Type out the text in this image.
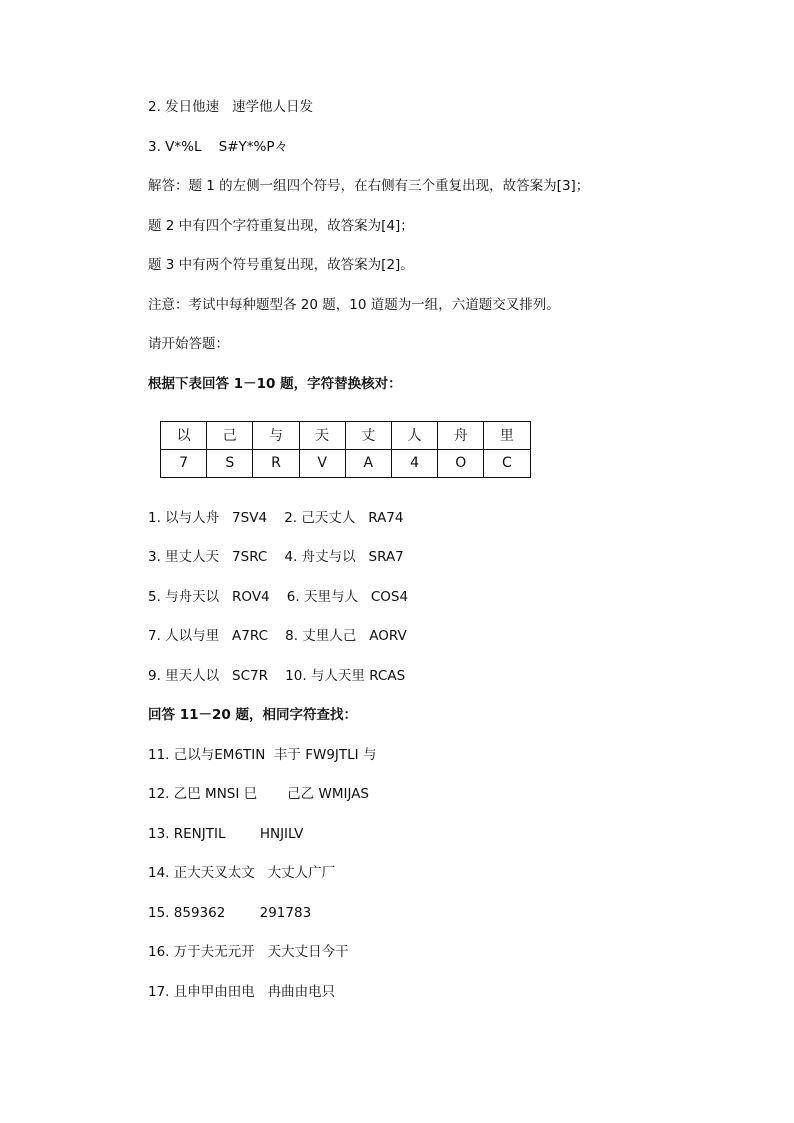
2. 发日他速   速学他人日发
3. V*%L    S#Y*%P々
解答：题 1 的左侧一组四个符号，在右侧有三个重复出现，故答案为[3]；
题 2 中有四个字符重复出现，故答案为[4]；
题 3 中有两个符号重复出现，故答案为[2]。
注意：考试中每种题型各 20 题，10 道题为一组，六道题交叉排列。
请开始答题：
根据下表回答 1－10 题，字符替换核对：
以	己	与	天	丈	人	舟	里
7	S	R	V	A	4	O	C
1. 以与人舟   7SV4    2. 己天丈人   RA74
3. 里丈人天   7SRC    4. 舟丈与以   SRA7
5. 与舟天以   ROV4    6. 天里与人   COS4
7. 人以与里   A7RC    8. 丈里人己   AORV
9. 里天人以   SC7R    10. 与人天里 RCAS
回答 11－20 题，相同字符查找：
11. 己以与EM6TIN  丰于 FW9JTLI 与
12. 乙巴 MNSI 巳       己乙 WMIJAS
13. RENJTIL        HNJILV
14. 正大天叉太文   大丈人广厂
15. 859362        291783
16. 万于夫无元开   天大丈日今干
17. 且申甲由田电   冉曲由电只
